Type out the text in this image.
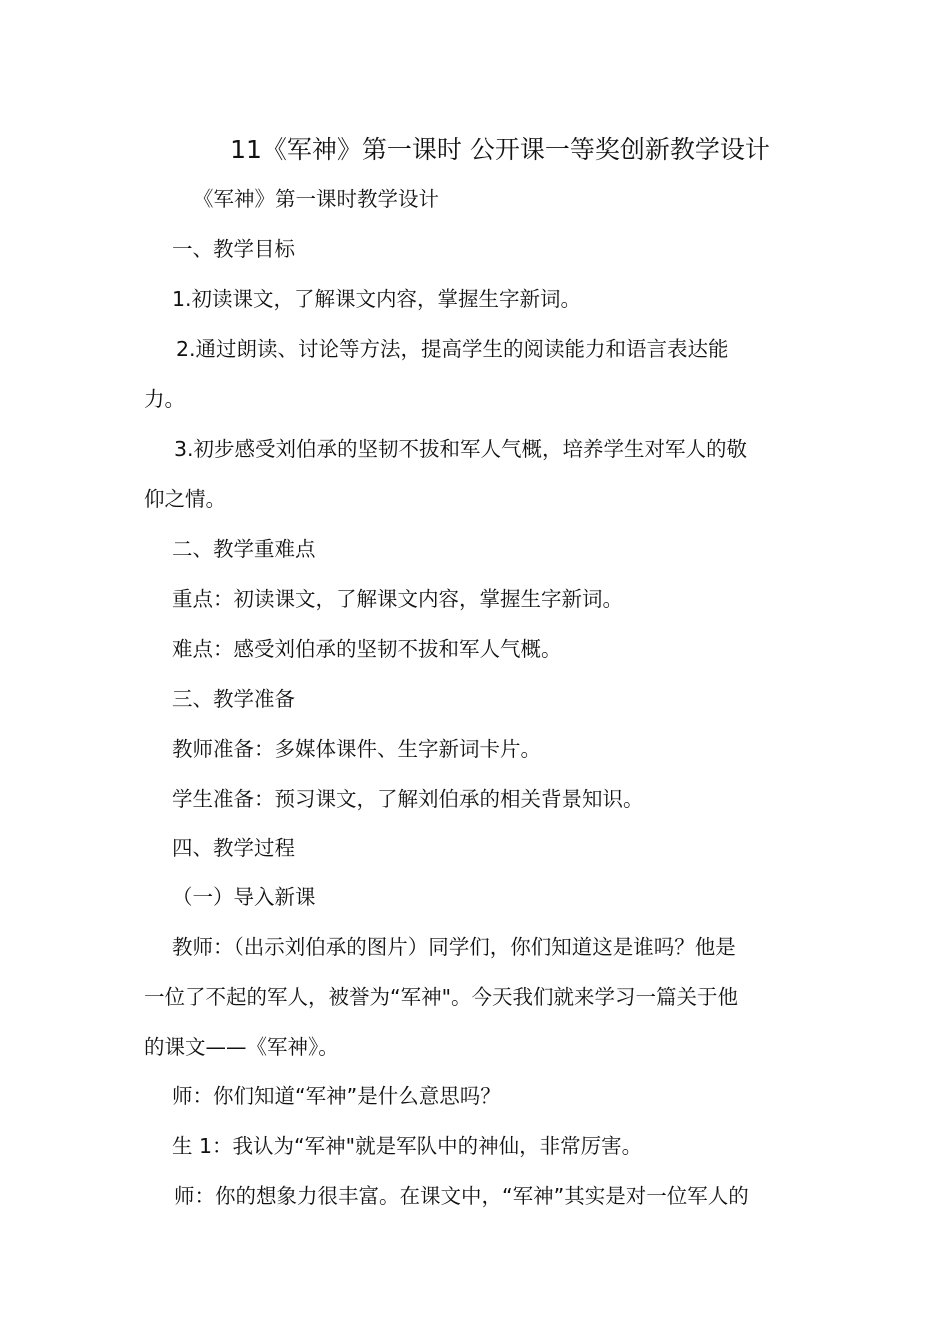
11《军神》第一课时 公开课一等奖创新教学设计
《军神》第一课时教学设计
一、教学目标
1.初读课文，了解课文内容，掌握生字新词。
2.通过朗读、讨论等方法，提高学生的阅读能力和语言表达能
力。
3.初步感受刘伯承的坚韧不拔和军人气概，培养学生对军人的敬
仰之情。
二、教学重难点
重点：初读课文，了解课文内容，掌握生字新词。
难点：感受刘伯承的坚韧不拔和军人气概。
三、教学准备
教师准备：多媒体课件、生字新词卡片。
学生准备：预习课文，了解刘伯承的相关背景知识。
四、教学过程
（一）导入新课
教师：（出示刘伯承的图片）同学们，你们知道这是谁吗？他是
一位了不起的军人，被誉为“军神"。今天我们就来学习一篇关于他
的课文——《军神》。
师：你们知道“军神”是什么意思吗？
生 1：我认为“军神"就是军队中的神仙，非常厉害。
师：你的想象力很丰富。在课文中，“军神”其实是对一位军人的
